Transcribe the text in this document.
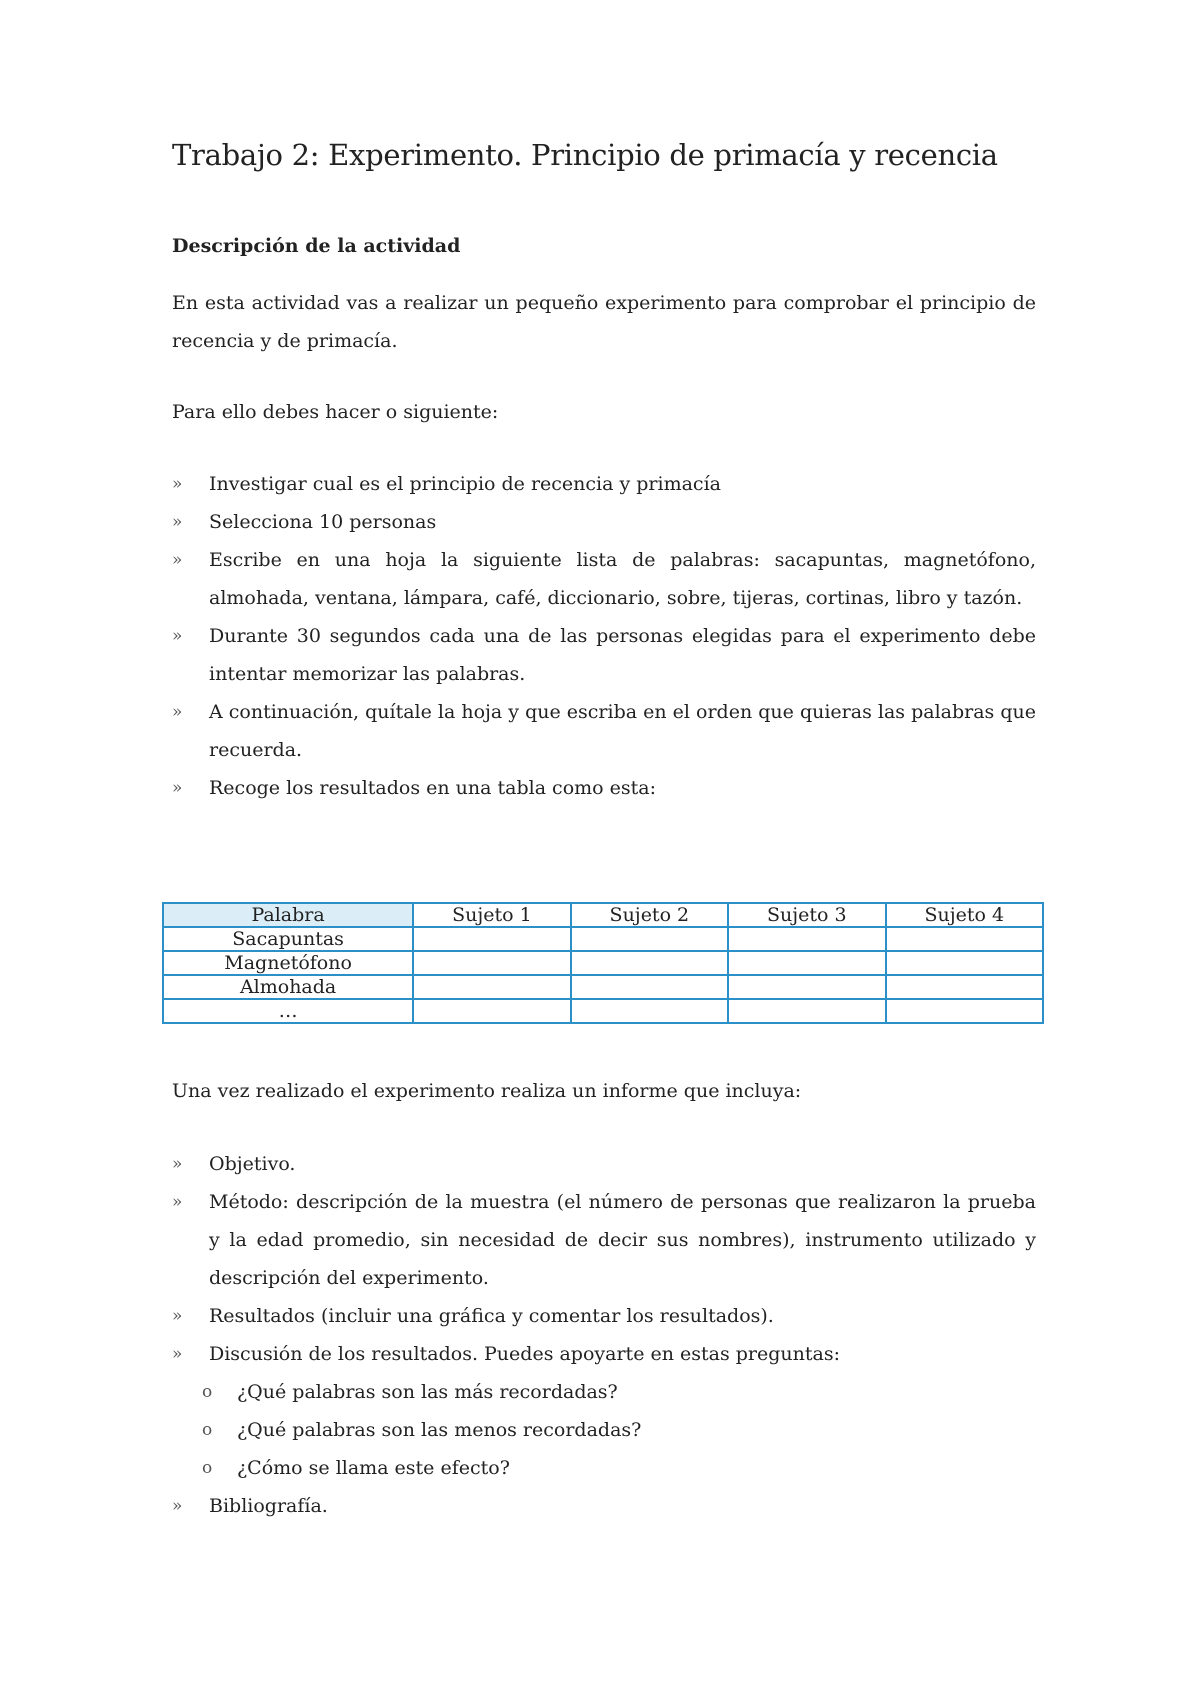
Trabajo 2: Experimento. Principio de primacía y recencia
Descripción de la actividad

En esta actividad vas a realizar un pequeño experimento para comprobar el principio de recencia y de primacía.

Para ello debes hacer o siguiente:

» Investigar cual es el principio de recencia y primacía
» Selecciona 10 personas
» Escribe en una hoja la siguiente lista de palabras: sacapuntas, magnetófono, almohada, ventana, lámpara, café, diccionario, sobre, tijeras, cortinas, libro y tazón.
» Durante 30 segundos cada una de las personas elegidas para el experimento debe intentar memorizar las palabras.
» A continuación, quítale la hoja y que escriba en el orden que quieras las palabras que recuerda.
» Recoge los resultados en una tabla como esta:
Palabra	Sujeto 1	Sujeto 2	Sujeto 3	Sujeto 4
Sacapuntas				
Magnetófono				
Almohada				
…				

Una vez realizado el experimento realiza un informe que incluya:

» Objetivo.
» Método: descripción de la muestra (el número de personas que realizaron la prueba y la edad promedio, sin necesidad de decir sus nombres), instrumento utilizado y descripción del experimento.
» Resultados (incluir una gráfica y comentar los resultados).
» Discusión de los resultados. Puedes apoyarte en estas preguntas:
o ¿Qué palabras son las más recordadas?
o ¿Qué palabras son las menos recordadas?
o ¿Cómo se llama este efecto?
» Bibliografía.
